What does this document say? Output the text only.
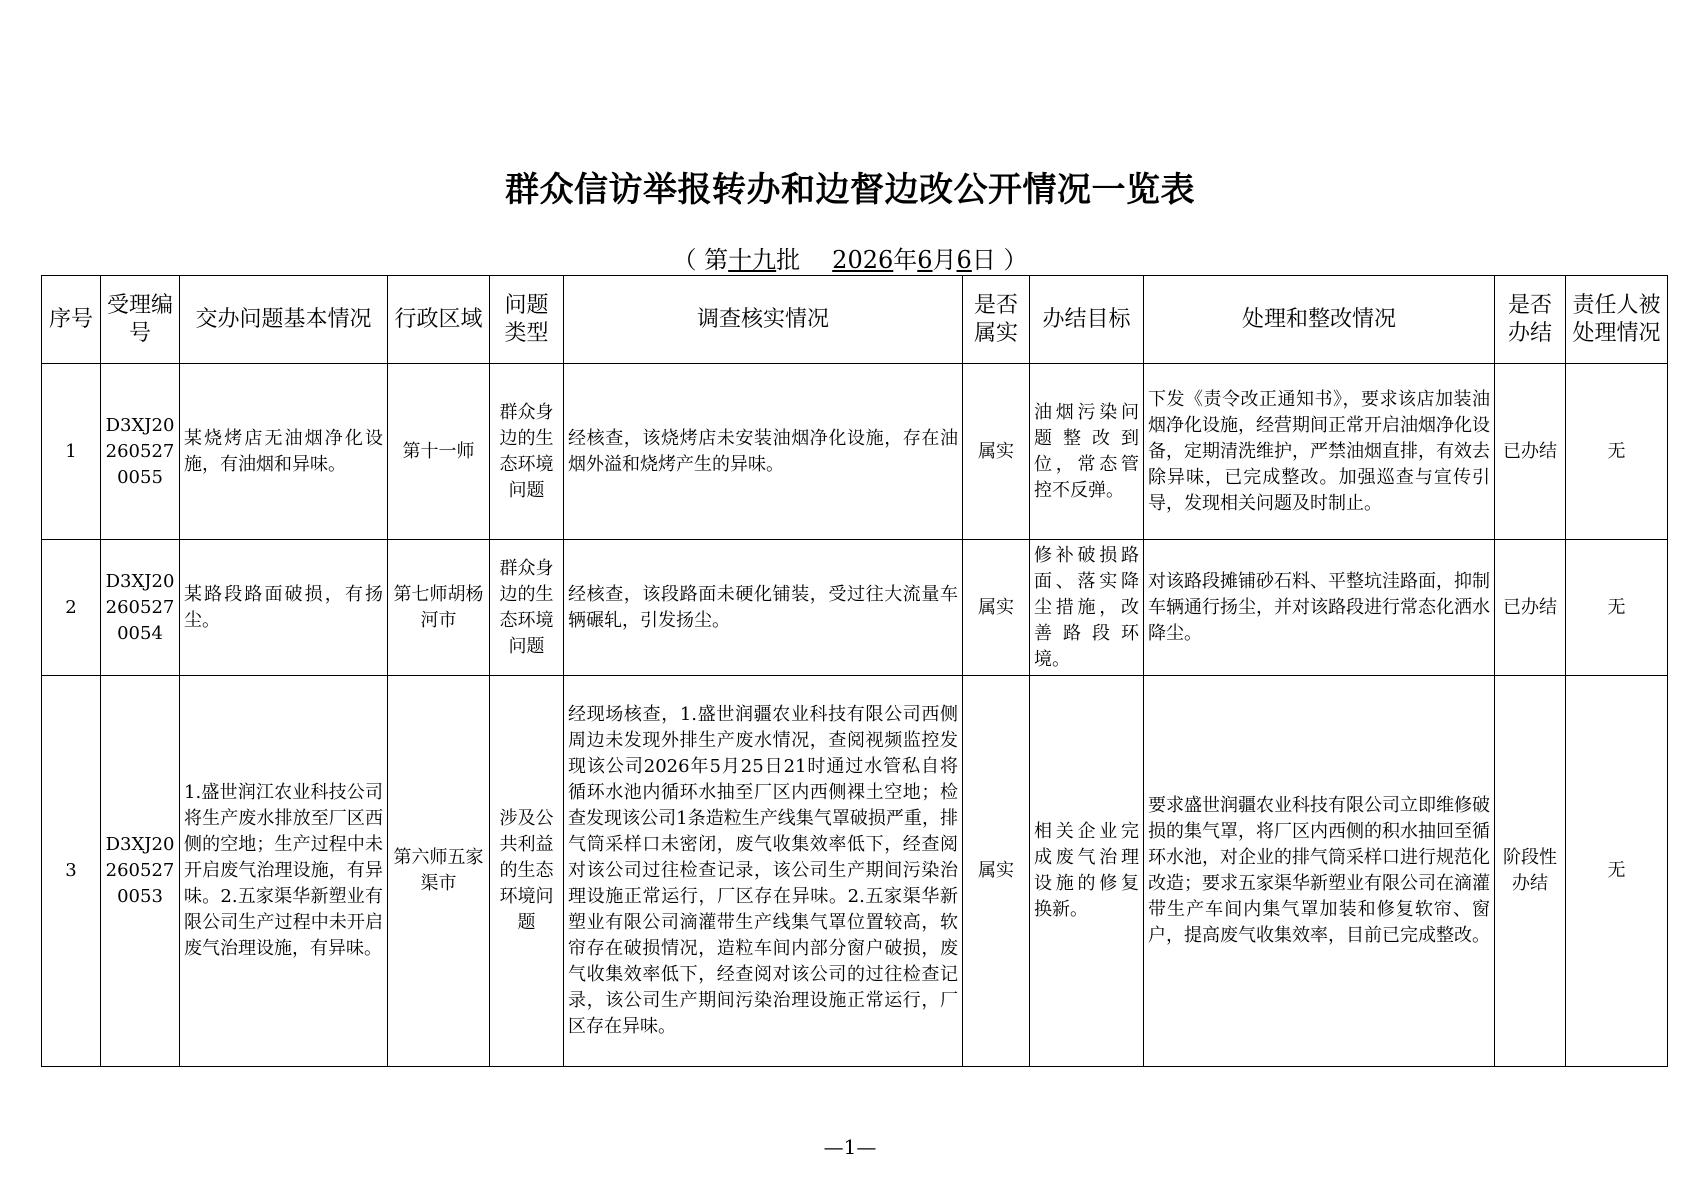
群众信访举报转办和边督边改公开情况一览表
（ 第十九批 2026年6月6日 ）
序号	受理编号	交办问题基本情况	行政区域	问题类型	调查核实情况	是否属实	办结目标	处理和整改情况	是否办结	责任人被处理情况
1	D3XJ202605270055	某烧烤店无油烟净化设施，有油烟和异味。	第十一师	群众身边的生态环境问题	经核查，该烧烤店未安装油烟净化设施，存在油烟外溢和烧烤产生的异味。	属实	油烟污染问题整改到位，常态管控不反弹。	下发《责令改正通知书》，要求该店加装油烟净化设施，经营期间正常开启油烟净化设备，定期清洗维护，严禁油烟直排，有效去除异味，已完成整改。加强巡查与宣传引导，发现相关问题及时制止。	已办结	无
2	D3XJ202605270054	某路段路面破损，有扬尘。	第七师胡杨河市	群众身边的生态环境问题	经核查，该段路面未硬化铺装，受过往大流量车辆碾轧，引发扬尘。	属实	修补破损路面、落实降尘措施，改善路段环境。	对该路段摊铺砂石料、平整坑洼路面，抑制车辆通行扬尘，并对该路段进行常态化洒水降尘。	已办结	无
3	D3XJ202605270053	1.盛世润江农业科技公司将生产废水排放至厂区西侧的空地；生产过程中未开启废气治理设施，有异味。2.五家渠华新塑业有限公司生产过程中未开启废气治理设施，有异味。	第六师五家渠市	涉及公共利益的生态环境问题	经现场核查，1.盛世润疆农业科技有限公司西侧周边未发现外排生产废水情况，查阅视频监控发现该公司2026年5月25日21时通过水管私自将循环水池内循环水抽至厂区内西侧裸土空地；检查发现该公司1条造粒生产线集气罩破损严重，排气筒采样口未密闭，废气收集效率低下，经查阅对该公司过往检查记录，该公司生产期间污染治理设施正常运行，厂区存在异味。2.五家渠华新塑业有限公司滴灌带生产线集气罩位置较高，软帘存在破损情况，造粒车间内部分窗户破损，废气收集效率低下，经查阅对该公司的过往检查记录，该公司生产期间污染治理设施正常运行，厂区存在异味。	属实	相关企业完成废气治理设施的修复换新。	要求盛世润疆农业科技有限公司立即维修破损的集气罩，将厂区内西侧的积水抽回至循环水池，对企业的排气筒采样口进行规范化改造；要求五家渠华新塑业有限公司在滴灌带生产车间内集气罩加装和修复软帘、窗户，提高废气收集效率，目前已完成整改。	阶段性办结	无
—1—
